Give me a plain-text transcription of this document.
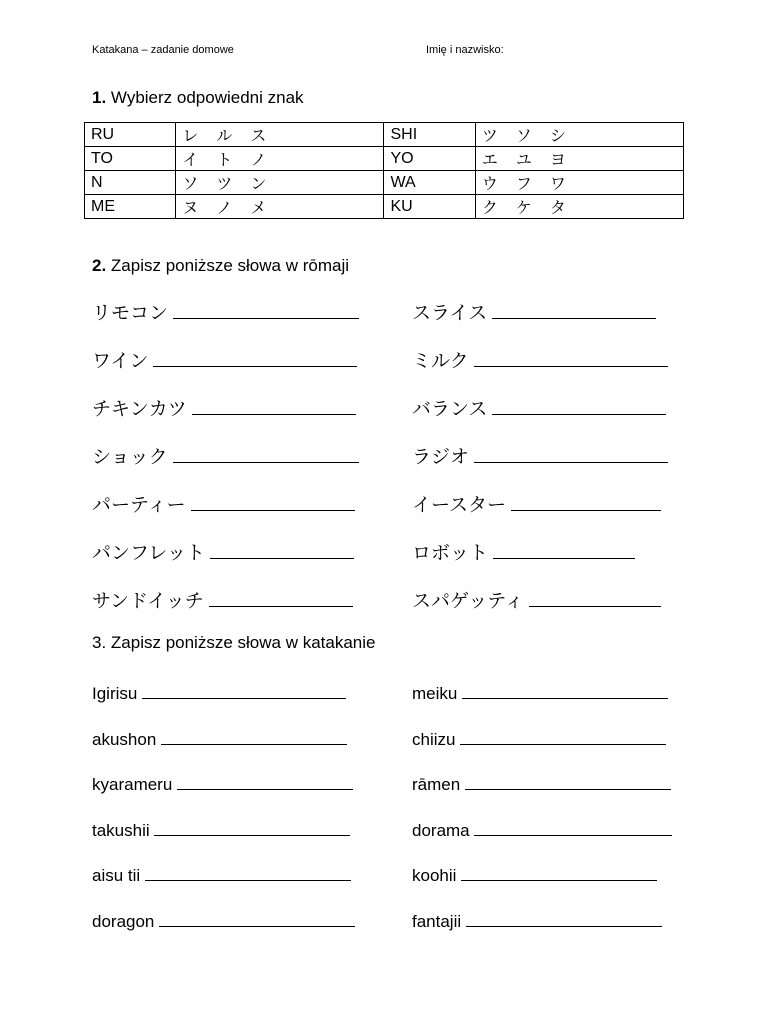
Katakana – zadanie domowe	Imię i nazwisko:
1. Wybierz odpowiedni znak
RU	レ ル ス	SHI	ツ ソ シ
TO	イ ト ノ	YO	エ ユ ヨ
N	ソ ツ ン	WA	ウ フ ワ
ME	ヌ ノ メ	KU	ク ケ タ
2. Zapisz poniższe słowa w rōmaji
リモコン	スライス
ワイン	ミルク
チキンカツ	バランス
ショック	ラジオ
パーティー	イースター
パンフレット	ロボット
サンドイッチ	スパゲッティ
3. Zapisz poniższe słowa w katakanie
Igirisu	meiku
akushon	chiizu
kyarameru	rāmen
takushii	dorama
aisu tii	koohii
doragon	fantajii
